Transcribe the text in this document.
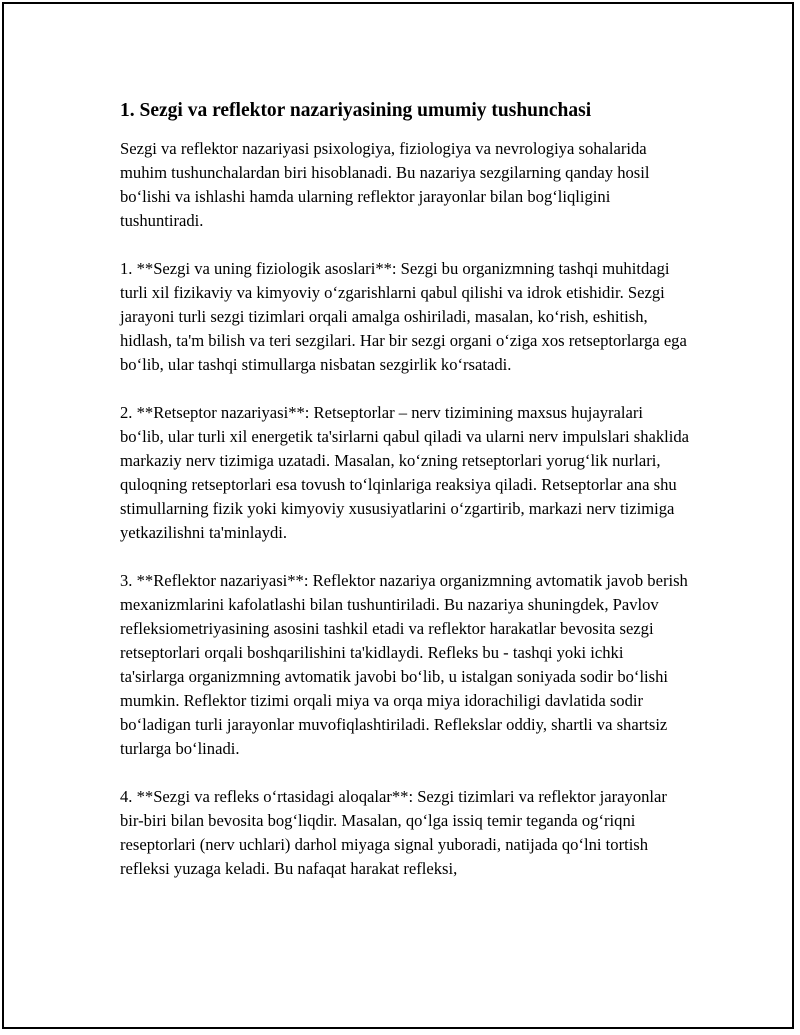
1. Sezgi va reflektor nazariyasining umumiy tushunchasi

Sezgi va reflektor nazariyasi psixologiya, fiziologiya va nevrologiya sohalarida muhim tushunchalardan biri hisoblanadi. Bu nazariya sezgilarning qanday hosil bo‘lishi va ishlashi hamda ularning reflektor jarayonlar bilan bog‘liqligini tushuntiradi.

1. **Sezgi va uning fiziologik asoslari**: Sezgi bu organizmning tashqi muhitdagi turli xil fizikaviy va kimyoviy o‘zgarishlarni qabul qilishi va idrok etishidir. Sezgi jarayoni turli sezgi tizimlari orqali amalga oshiriladi, masalan, ko‘rish, eshitish, hidlash, ta'm bilish va teri sezgilari. Har bir sezgi organi o‘ziga xos retseptorlarga ega bo‘lib, ular tashqi stimullarga nisbatan sezgirlik ko‘rsatadi.

2. **Retseptor nazariyasi**: Retseptorlar – nerv tizimining maxsus hujayralari bo‘lib, ular turli xil energetik ta'sirlarni qabul qiladi va ularni nerv impulslari shaklida markaziy nerv tizimiga uzatadi. Masalan, ko‘zning retseptorlari yorug‘lik nurlari, quloqning retseptorlari esa tovush to‘lqinlariga reaksiya qiladi. Retseptorlar ana shu stimullarning fizik yoki kimyoviy xususiyatlarini o‘zgartirib, markazi nerv tizimiga yetkazilishni ta'minlaydi.

3. **Reflektor nazariyasi**: Reflektor nazariya organizmning avtomatik javob berish mexanizmlarini kafolatlashi bilan tushuntiriladi. Bu nazariya shuningdek, Pavlov refleksiometriyasining asosini tashkil etadi va reflektor harakatlar bevosita sezgi retseptorlari orqali boshqarilishini ta'kidlaydi. Refleks bu - tashqi yoki ichki ta'sirlarga organizmning avtomatik javobi bo‘lib, u istalgan soniyada sodir bo‘lishi mumkin. Reflektor tizimi orqali miya va orqa miya idorachiligi davlatida sodir bo‘ladigan turli jarayonlar muvofiqlashtiriladi. Reflekslar oddiy, shartli va shartsiz turlarga bo‘linadi.

4. **Sezgi va refleks o‘rtasidagi aloqalar**: Sezgi tizimlari va reflektor jarayonlar bir-biri bilan bevosita bog‘liqdir. Masalan, qo‘lga issiq temir teganda og‘riqni reseptorlari (nerv uchlari) darhol miyaga signal yuboradi, natijada qo‘lni tortish refleksi yuzaga keladi. Bu nafaqat harakat refleksi,
